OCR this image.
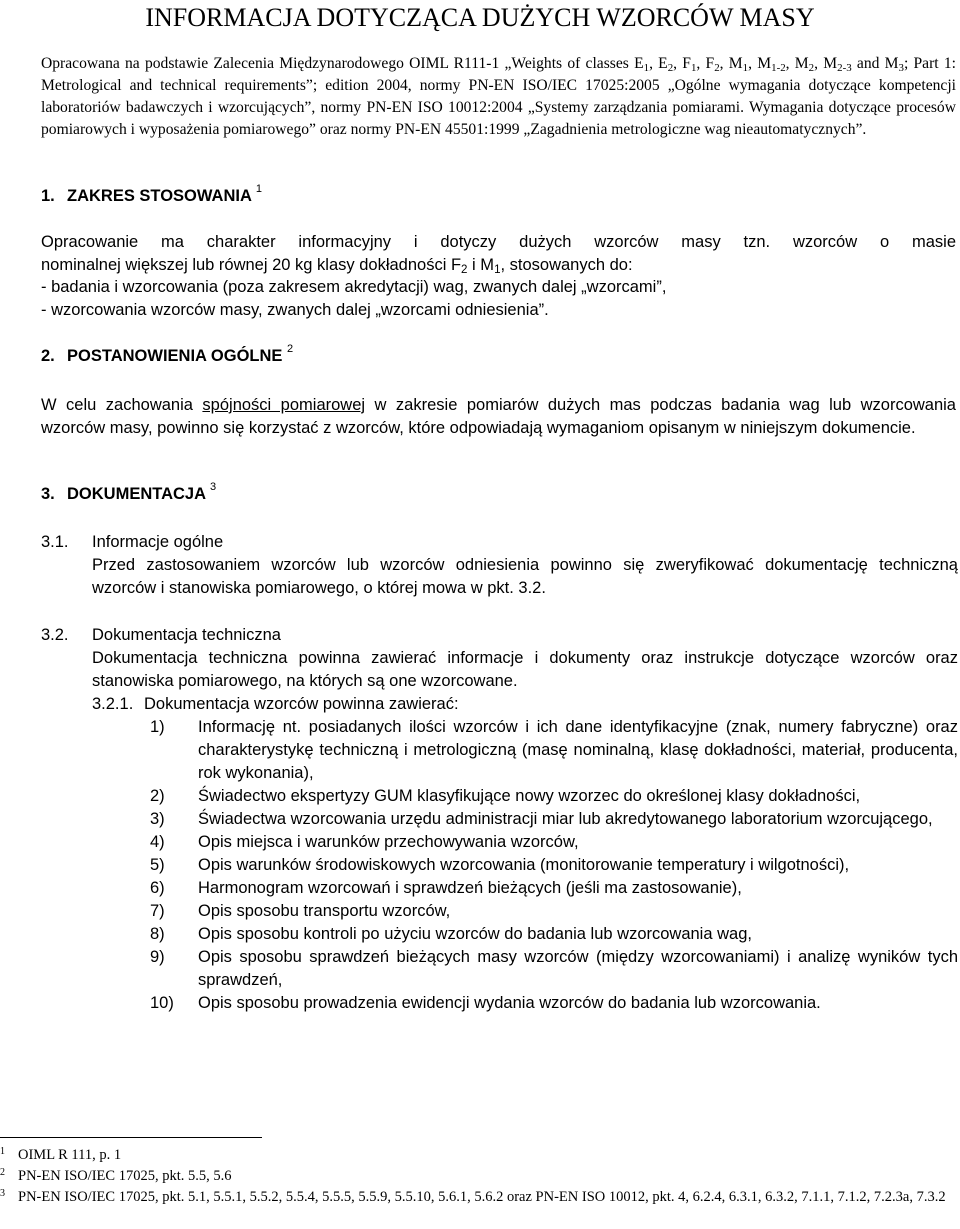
INFORMACJA DOTYCZĄCA DUŻYCH WZORCÓW MASY
Opracowana na podstawie Zalecenia Międzynarodowego OIML R111-1 „Weights of classes $E_1$, $E_2$, $F_1$, $F_2$, $M_1$, $M_{1-2}$, $M_2$, $M_{2-3}$ and $M_3$; Part 1: Metrological and technical requirements”; edition 2004, normy PN-EN ISO/IEC 17025:2005 „Ogólne wymagania dotyczące kompetencji laboratoriów badawczych i wzorcujących”, normy PN-EN ISO 10012:2004 „Systemy zarządzania pomiarami. Wymagania dotyczące procesów pomiarowych i wyposażenia pomiarowego” oraz normy PN-EN 45501:1999 „Zagadnienia metrologiczne wag nieautomatycznych”.
1. ZAKRES STOSOWANIA $^1$
Opracowanie ma charakter informacyjny i dotyczy dużych wzorców masy tzn. wzorców o masie
nominalnej większej lub równej 20 kg klasy dokładności $F_2$ i $M_1$, stosowanych do:
- badania i wzorcowania (poza zakresem akredytacji) wag, zwanych dalej „wzorcami”,
- wzorcowania wzorców masy, zwanych dalej „wzorcami odniesienia”.
2. POSTANOWIENIA OGÓLNE $^2$
W celu zachowania spójności pomiarowej w zakresie pomiarów dużych mas podczas badania wag lub wzorcowania wzorców masy, powinno się korzystać z wzorców, które odpowiadają wymaganiom opisanym w niniejszym dokumencie.
3. DOKUMENTACJA $^3$
3.1. Informacje ogólne
Przed zastosowaniem wzorców lub wzorców odniesienia powinno się zweryfikować dokumentację techniczną wzorców i stanowiska pomiarowego, o której mowa w pkt. 3.2.
3.2. Dokumentacja techniczna
Dokumentacja techniczna powinna zawierać informacje i dokumenty oraz instrukcje dotyczące wzorców oraz stanowiska pomiarowego, na których są one wzorcowane.
3.2.1. Dokumentacja wzorców powinna zawierać:
1)	Informację nt. posiadanych ilości wzorców i ich dane identyfikacyjne (znak, numery fabryczne) oraz charakterystykę techniczną i metrologiczną (masę nominalną, klasę dokładności, materiał, producenta, rok wykonania),
2)	Świadectwo ekspertyzy GUM klasyfikujące nowy wzorzec do określonej klasy dokładności,
3)	Świadectwa wzorcowania urzędu administracji miar lub akredytowanego laboratorium wzorcującego,
4)	Opis miejsca i warunków przechowywania wzorców,
5)	Opis warunków środowiskowych wzorcowania (monitorowanie temperatury i wilgotności),
6)	Harmonogram wzorcowań i sprawdzeń bieżących (jeśli ma zastosowanie),
7)	Opis sposobu transportu wzorców,
8)	Opis sposobu kontroli po użyciu wzorców do badania lub wzorcowania wag,
9)	Opis sposobu sprawdzeń bieżących masy wzorców (między wzorcowaniami) i analizę wyników tych sprawdzeń,
10)	Opis sposobu prowadzenia ewidencji wydania wzorców do badania lub wzorcowania.
1 OIML R 111, p. 1
2 PN-EN ISO/IEC 17025, pkt. 5.5, 5.6
3 PN-EN ISO/IEC 17025, pkt. 5.1, 5.5.1, 5.5.2, 5.5.4, 5.5.5, 5.5.9, 5.5.10, 5.6.1, 5.6.2 oraz PN-EN ISO 10012, pkt. 4, 6.2.4, 6.3.1, 6.3.2, 7.1.1, 7.1.2, 7.2.3a, 7.3.2
